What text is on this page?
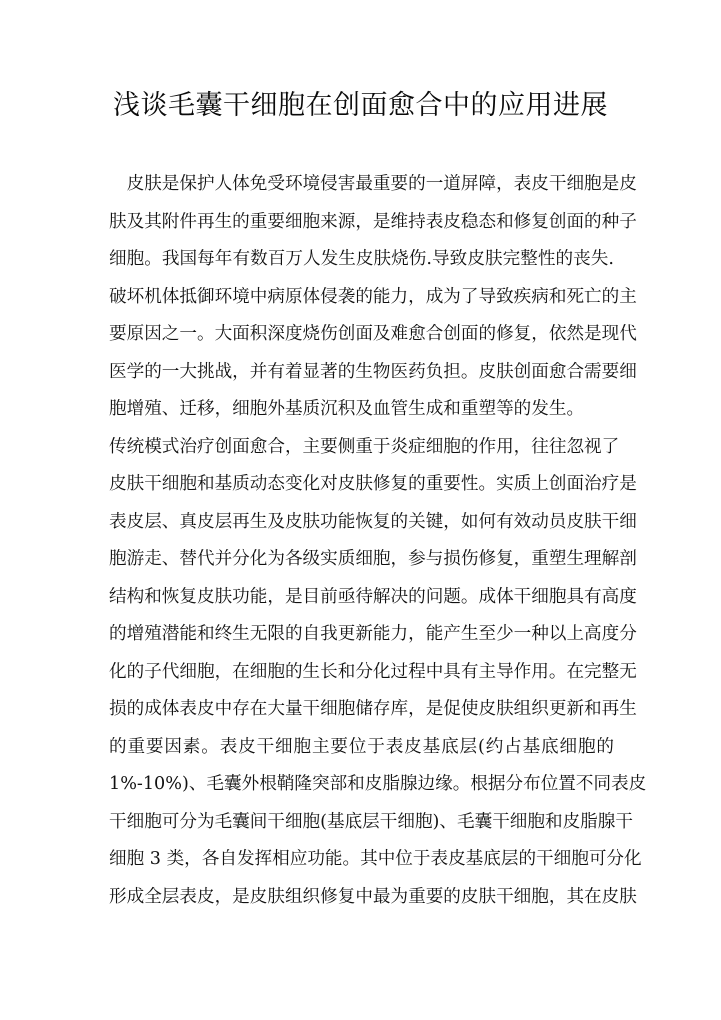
浅谈毛囊干细胞在创面愈合中的应用进展
　皮肤是保护人体免受环境侵害最重要的一道屏障，表皮干细胞是皮
肤及其附件再生的重要细胞来源，是维持表皮稳态和修复创面的种子
细胞。我国每年有数百万人发生皮肤烧伤.导致皮肤完整性的丧失.
破坏机体抵御环境中病原体侵袭的能力，成为了导致疾病和死亡的主
要原因之一。大面积深度烧伤创面及难愈合创面的修复，依然是现代
医学的一大挑战，并有着显著的生物医药负担。皮肤创面愈合需要细
胞增殖、迁移，细胞外基质沉积及血管生成和重塑等的发生。
传统模式治疗创面愈合，主要侧重于炎症细胞的作用，往往忽视了
皮肤干细胞和基质动态变化对皮肤修复的重要性。实质上创面治疗是
表皮层、真皮层再生及皮肤功能恢复的关键，如何有效动员皮肤干细
胞游走、替代并分化为各级实质细胞，参与损伤修复，重塑生理解剖
结构和恢复皮肤功能，是目前亟待解决的问题。成体干细胞具有高度
的增殖潜能和终生无限的自我更新能力，能产生至少一种以上高度分
化的子代细胞，在细胞的生长和分化过程中具有主导作用。在完整无
损的成体表皮中存在大量干细胞储存库，是促使皮肤组织更新和再生
的重要因素。表皮干细胞主要位于表皮基底层(约占基底细胞的
1%-10%)、毛囊外根鞘隆突部和皮脂腺边缘。根据分布位置不同表皮
干细胞可分为毛囊间干细胞(基底层干细胞)、毛囊干细胞和皮脂腺干
细胞 3 类，各自发挥相应功能。其中位于表皮基底层的干细胞可分化
形成全层表皮，是皮肤组织修复中最为重要的皮肤干细胞，其在皮肤
